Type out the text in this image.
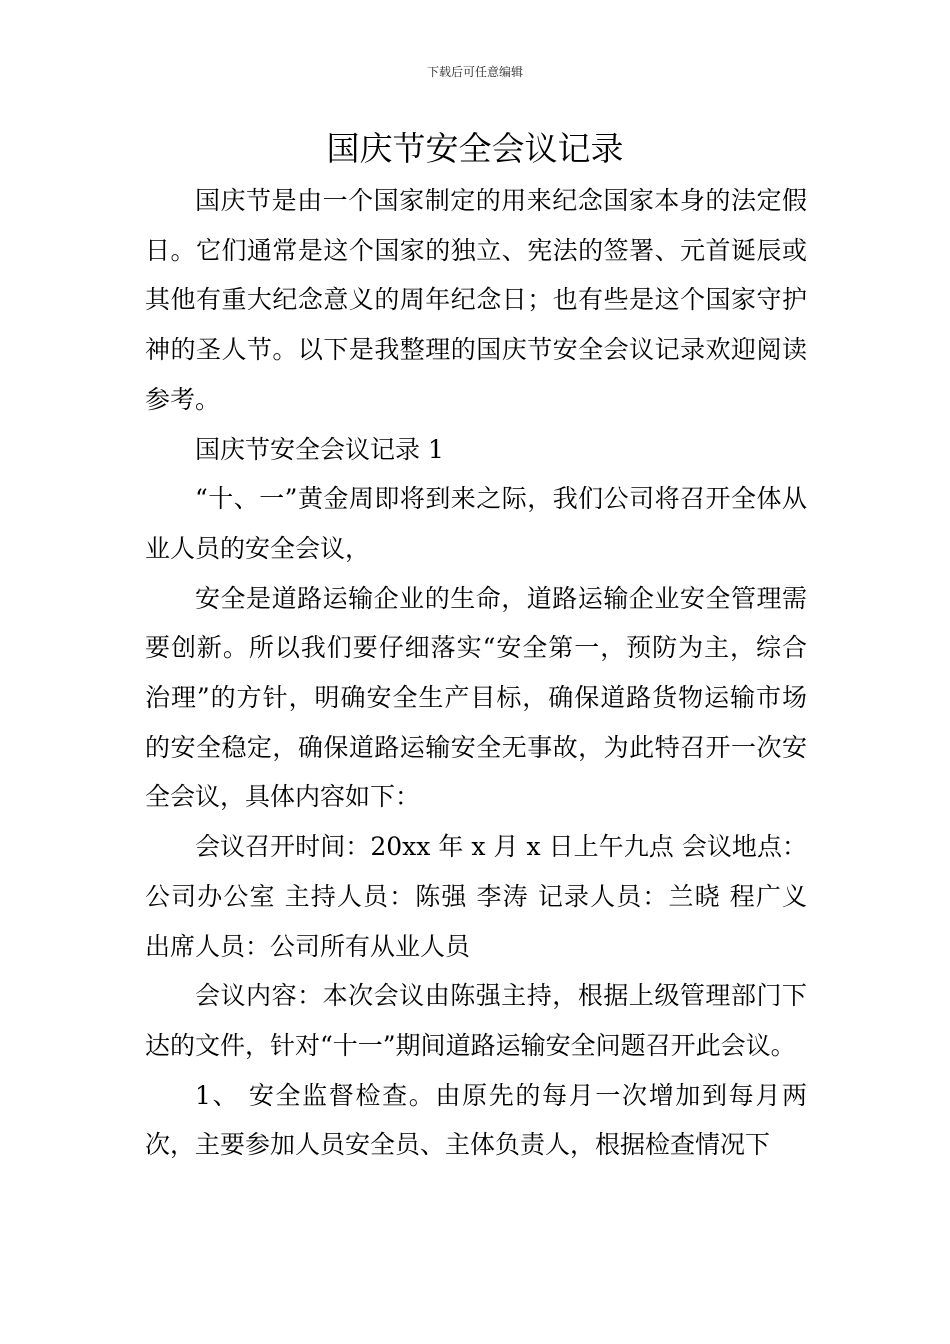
下载后可任意编辑
国庆节安全会议记录

国庆节是由一个国家制定的用来纪念国家本身的法定假日。它们通常是这个国家的独立、宪法的签署、元首诞辰或其他有重大纪念意义的周年纪念日；也有些是这个国家守护神的圣人节。以下是我整理的国庆节安全会议记录欢迎阅读参考。

国庆节安全会议记录 1

“十、一”黄金周即将到来之际，我们公司将召开全体从业人员的安全会议，

安全是道路运输企业的生命，道路运输企业安全管理需要创新。所以我们要仔细落实“安全第一，预防为主，综合治理”的方针，明确安全生产目标，确保道路货物运输市场的安全稳定，确保道路运输安全无事故，为此特召开一次安全会议，具体内容如下：

会议召开时间：20xx 年 x 月 x 日上午九点 会议地点：公司办公室 主持人员：陈强 李涛 记录人员：兰晓 程广义 出席人员：公司所有从业人员

会议内容：本次会议由陈强主持，根据上级管理部门下达的文件，针对“十一”期间道路运输安全问题召开此会议。

1、 安全监督检查。由原先的每月一次增加到每月两次，主要参加人员安全员、主体负责人，根据检查情况下
